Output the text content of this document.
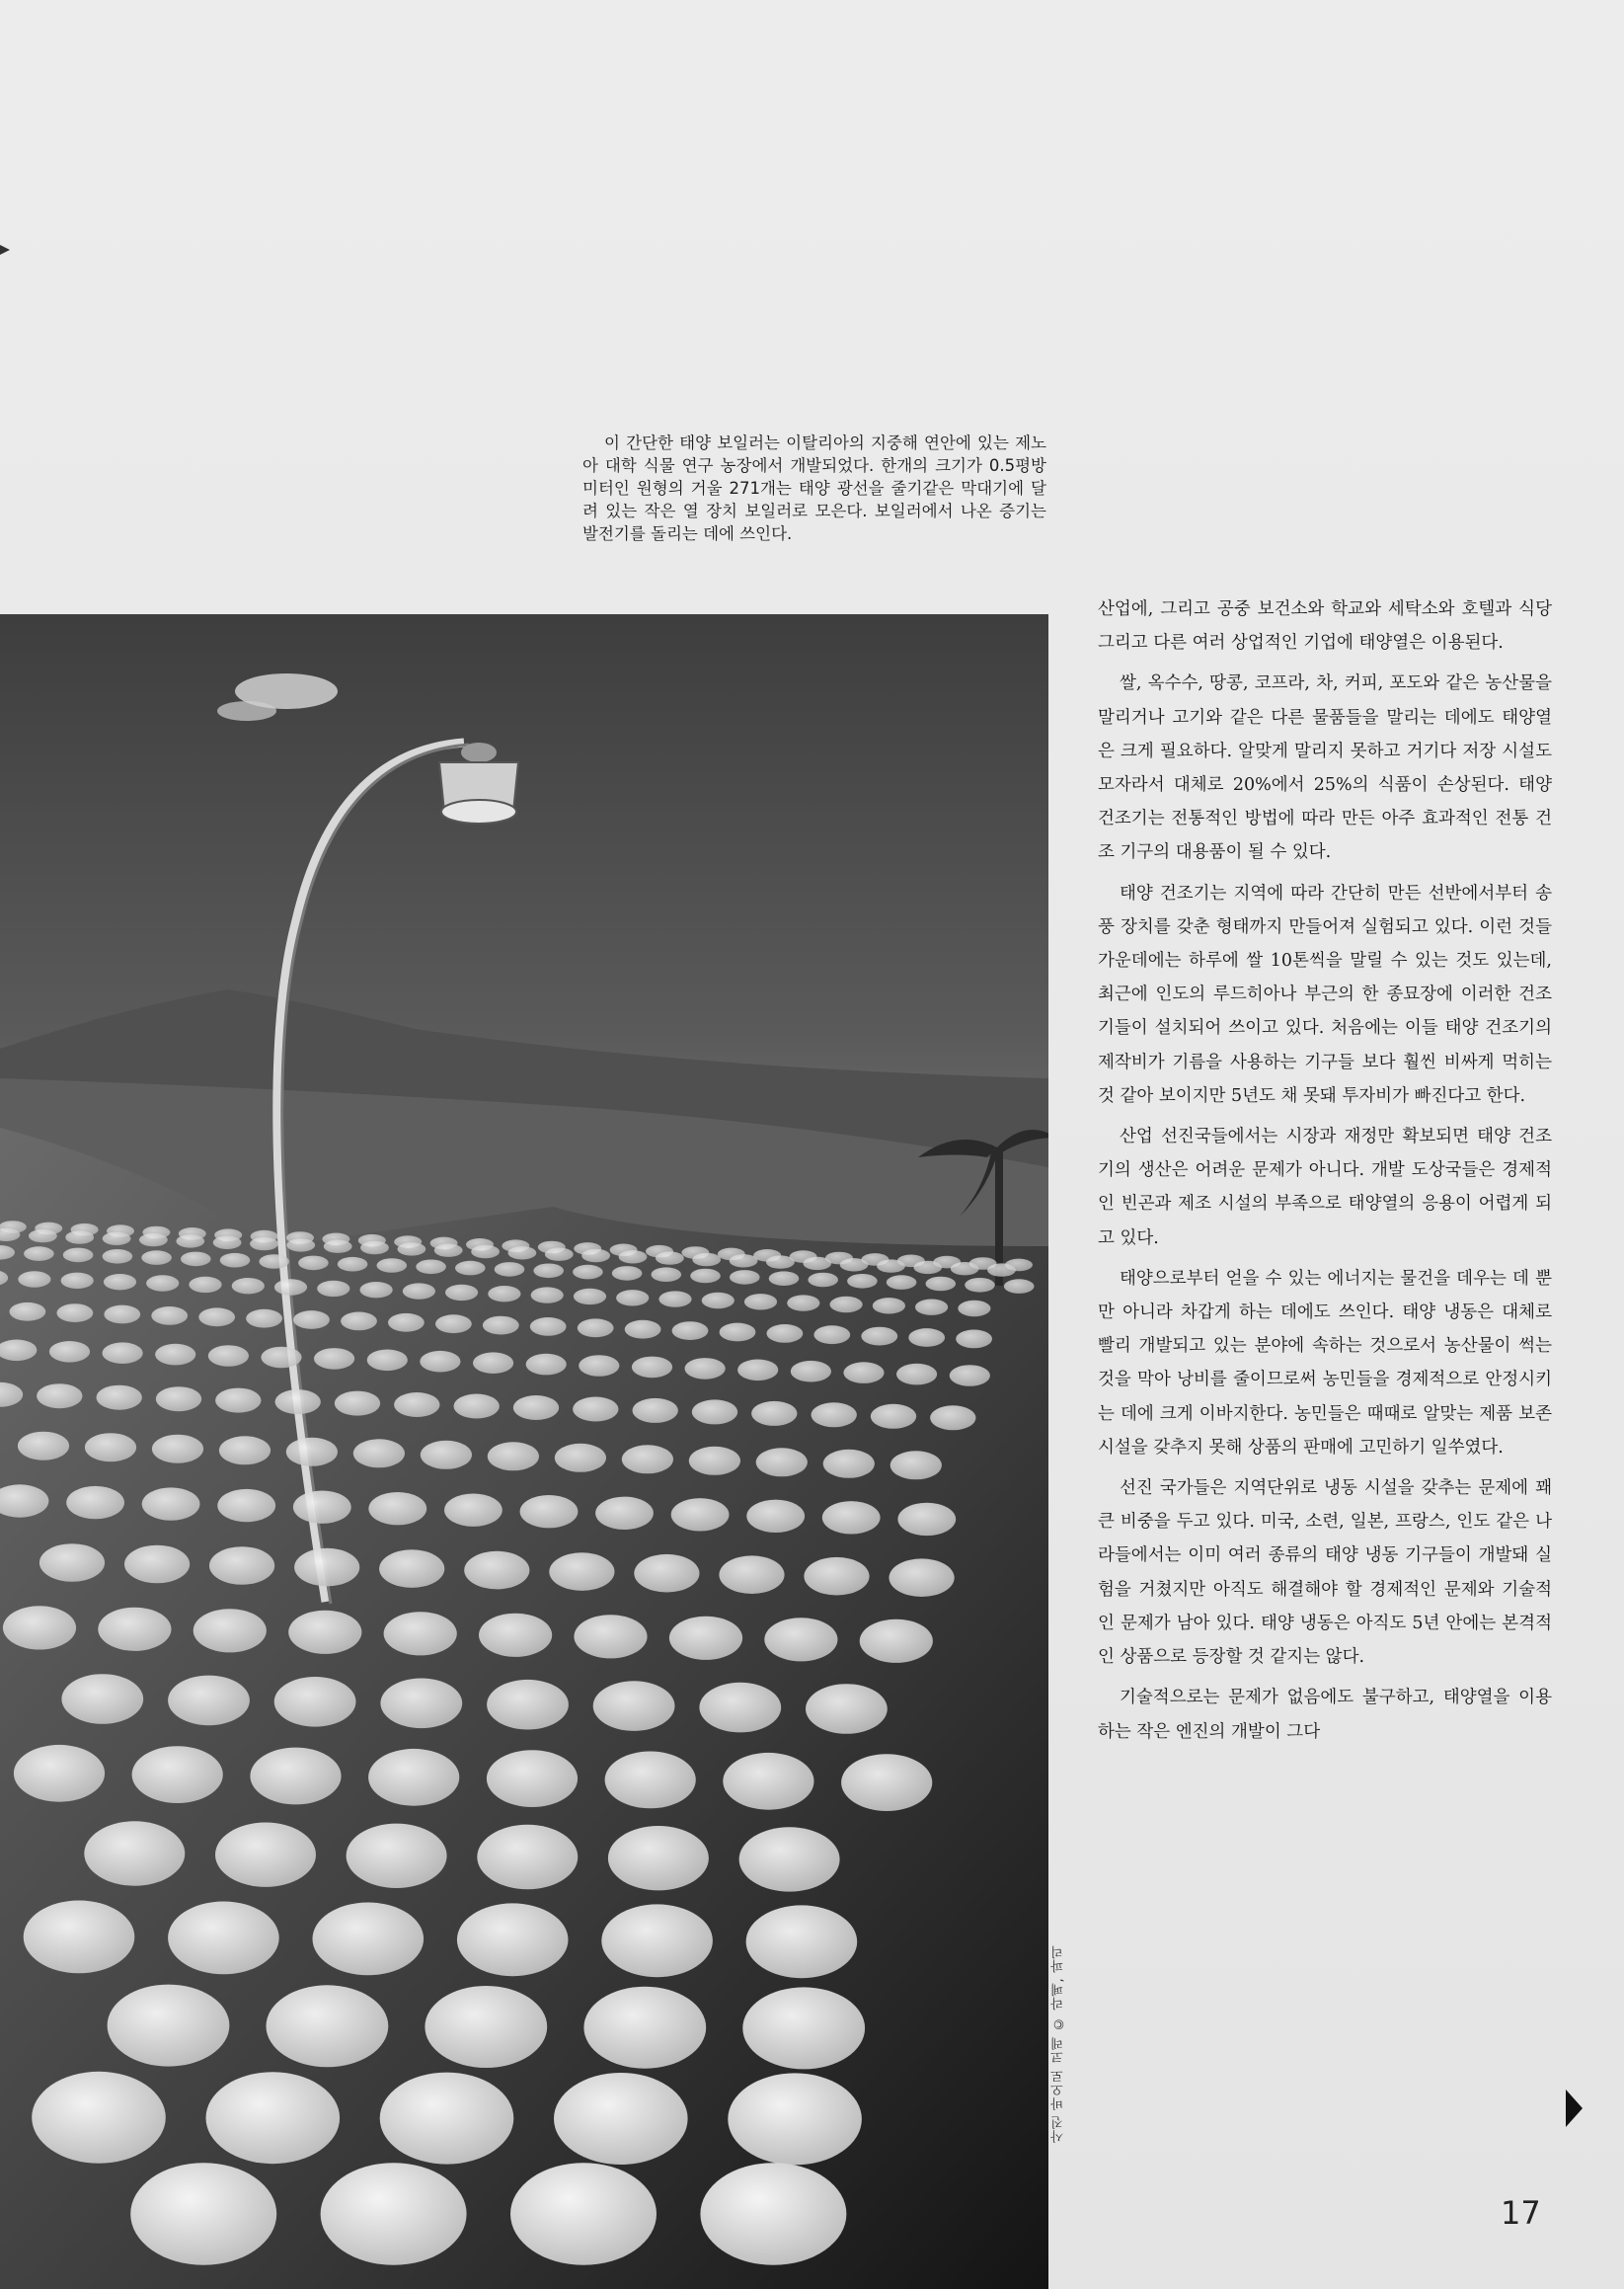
이 간단한 태양 보일러는 이탈리아의 지중해 연안에 있는 제노아 대학 식물 연구 농장에서 개발되었다. 한개의 크기가 0.5평방미터인 원형의 거울 271개는 태양 광선을 줄기같은 막대기에 달려 있는 작은 열 장치 보일러로 모은다. 보일러에서 나온 증기는 발전기를 돌리는 데에 쓰인다.

사진 바오로 코레 © 라폐, 파리

산업에, 그리고 공중 보건소와 학교와 세탁소와 호텔과 식당 그리고 다른 여러 상업적인 기업에 태양열은 이용된다.

쌀, 옥수수, 땅콩, 코프라, 차, 커피, 포도와 같은 농산물을 말리거나 고기와 같은 다른 물품들을 말리는 데에도 태양열은 크게 필요하다. 알맞게 말리지 못하고 거기다 저장 시설도 모자라서 대체로 20%에서 25%의 식품이 손상된다. 태양 건조기는 전통적인 방법에 따라 만든 아주 효과적인 전통 건조 기구의 대용품이 될 수 있다.

태양 건조기는 지역에 따라 간단히 만든 선반에서부터 송풍 장치를 갖춘 형태까지 만들어져 실험되고 있다. 이런 것들 가운데에는 하루에 쌀 10톤씩을 말릴 수 있는 것도 있는데, 최근에 인도의 루드히아나 부근의 한 종묘장에 이러한 건조기들이 설치되어 쓰이고 있다. 처음에는 이들 태양 건조기의 제작비가 기름을 사용하는 기구들 보다 훨씬 비싸게 먹히는 것 같아 보이지만 5년도 채 못돼 투자비가 빠진다고 한다.

산업 선진국들에서는 시장과 재정만 확보되면 태양 건조기의 생산은 어려운 문제가 아니다. 개발 도상국들은 경제적인 빈곤과 제조 시설의 부족으로 태양열의 응용이 어렵게 되고 있다.

태양으로부터 얻을 수 있는 에너지는 물건을 데우는 데 뿐만 아니라 차갑게 하는 데에도 쓰인다. 태양 냉동은 대체로 빨리 개발되고 있는 분야에 속하는 것으로서 농산물이 썩는 것을 막아 낭비를 줄이므로써 농민들을 경제적으로 안정시키는 데에 크게 이바지한다. 농민들은 때때로 알맞는 제품 보존 시설을 갖추지 못해 상품의 판매에 고민하기 일쑤였다.

선진 국가들은 지역단위로 냉동 시설을 갖추는 문제에 꽤 큰 비중을 두고 있다. 미국, 소련, 일본, 프랑스, 인도 같은 나라들에서는 이미 여러 종류의 태양 냉동 기구들이 개발돼 실험을 거쳤지만 아직도 해결해야 할 경제적인 문제와 기술적인 문제가 남아 있다. 태양 냉동은 아직도 5년 안에는 본격적인 상품으로 등장할 것 같지는 않다.

기술적으로는 문제가 없음에도 불구하고, 태양열을 이용하는 작은 엔진의 개발이 그다

17
